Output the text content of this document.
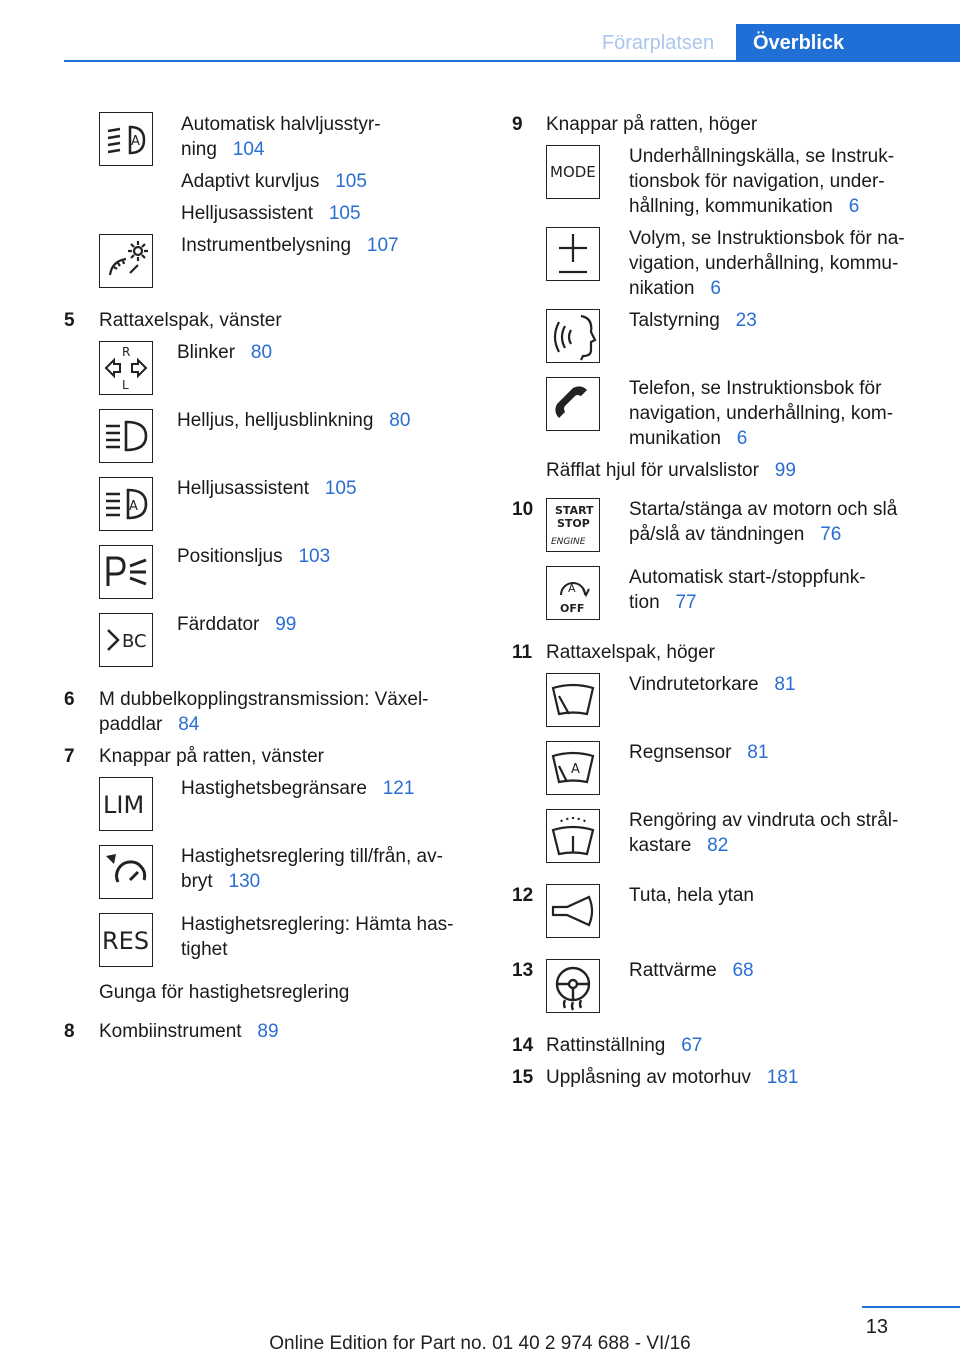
Förarplatsen	Överblick
A
Automatisk halvljusstyr-
ning 104
Adaptivt kurvljus 105
Helljusassistent 105
Instrumentbelysning 107
5 Rattaxelspak, vänster
R
L
Blinker 80
Helljus, helljusblinkning 80
A
Helljusassistent 105
Positionsljus 103
BC
Färddator 99
6 M dubbelkopplingstransmission: Växel-
paddlar 84
7 Knappar på ratten, vänster
LIM
Hastighetsbegränsare 121
Hastighetsreglering till/från, av-
bryt 130
RES
Hastighetsreglering: Hämta has-
tighet
Gunga för hastighetsreglering
8 Kombiinstrument 89
9 Knappar på ratten, höger
MODE
Underhållningskälla, se Instruk-
tionsbok för navigation, under-
hållning, kommunikation 6
Volym, se Instruktionsbok för na-
vigation, underhållning, kommu-
nikation 6
Talstyrning 23
Telefon, se Instruktionsbok för
navigation, underhållning, kom-
munikation 6
Räfflat hjul för urvalslistor 99
10 START
STOP
ENGINE
Starta/stänga av motorn och slå
på/slå av tändningen 76
A
OFF
Automatisk start-/stoppfunk-
tion 77
11 Rattaxelspak, höger
Vindrutetorkare 81
A
Regnsensor 81
Rengöring av vindruta och strål-
kastare 82
12	Tuta, hela ytan
13	Rattvärme 68
14 Rattinställning 67
15 Upplåsning av motorhuv 181
13
Online Edition for Part no. 01 40 2 974 688 - VI/16
